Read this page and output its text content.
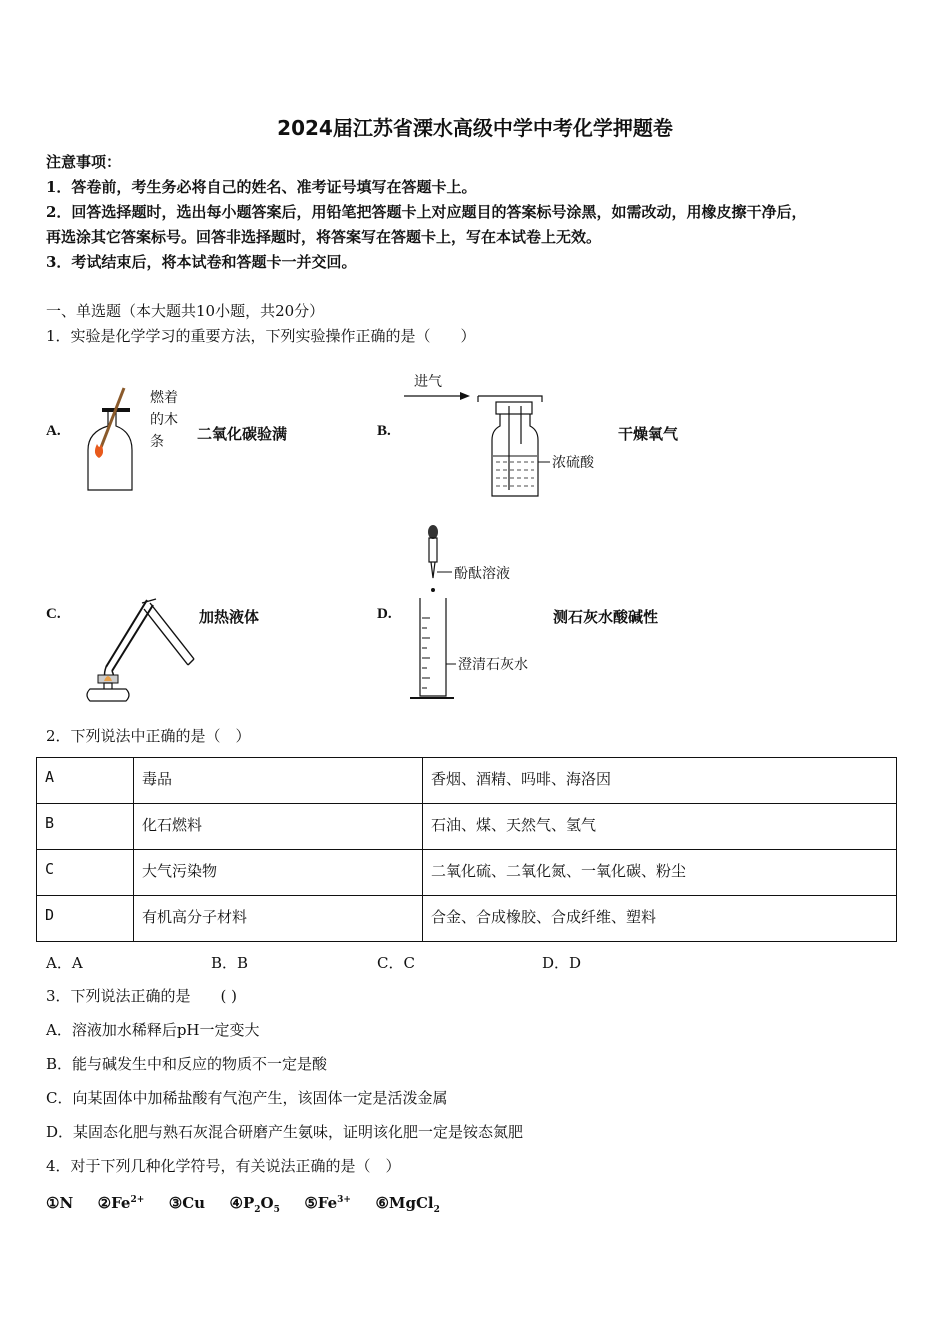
2024届江苏省溧水高级中学中考化学押题卷
注意事项：
1．答卷前，考生务必将自己的姓名、准考证号填写在答题卡上。
2．回答选择题时，选出每小题答案后，用铅笔把答题卡上对应题目的答案标号涂黑，如需改动，用橡皮擦干净后，
再选涂其它答案标号。回答非选择题时，将答案写在答题卡上，写在本试卷上无效。
3．考试结束后，将本试卷和答题卡一并交回。
一、单选题（本大题共10小题，共20分）
1．实验是化学学习的重要方法，下列实验操作正确的是（　　）
A.
燃着
的木
条 二氧化碳验满	B.
进气
浓硫酸
干燥氧气
C.	加热液体	D.
酚酞溶液
澄清石灰水
测石灰水酸碱性
2．下列说法中正确的是（　）
A	毒品	香烟、酒精、吗啡、海洛因
B	化石燃料	石油、煤、天然气、氢气
C	大气污染物	二氧化硫、二氧化氮、一氧化碳、粉尘
D	有机高分子材料	合金、合成橡胶、合成纤维、塑料
A．A	B．B	C．C	D．D
3．下列说法正确的是　　( )
A．溶液加水稀释后pH一定变大
B．能与碱发生中和反应的物质不一定是酸
C．向某固体中加稀盐酸有气泡产生，该固体一定是活泼金属
D．某固态化肥与熟石灰混合研磨产生氨味，证明该化肥一定是铵态氮肥
4．对于下列几种化学符号，有关说法正确的是（　）
①N $②Fe^{2+}$ ③Cu $④P_2O_5$ $⑤Fe^{3+}$ ⑥MgCl$_2$
